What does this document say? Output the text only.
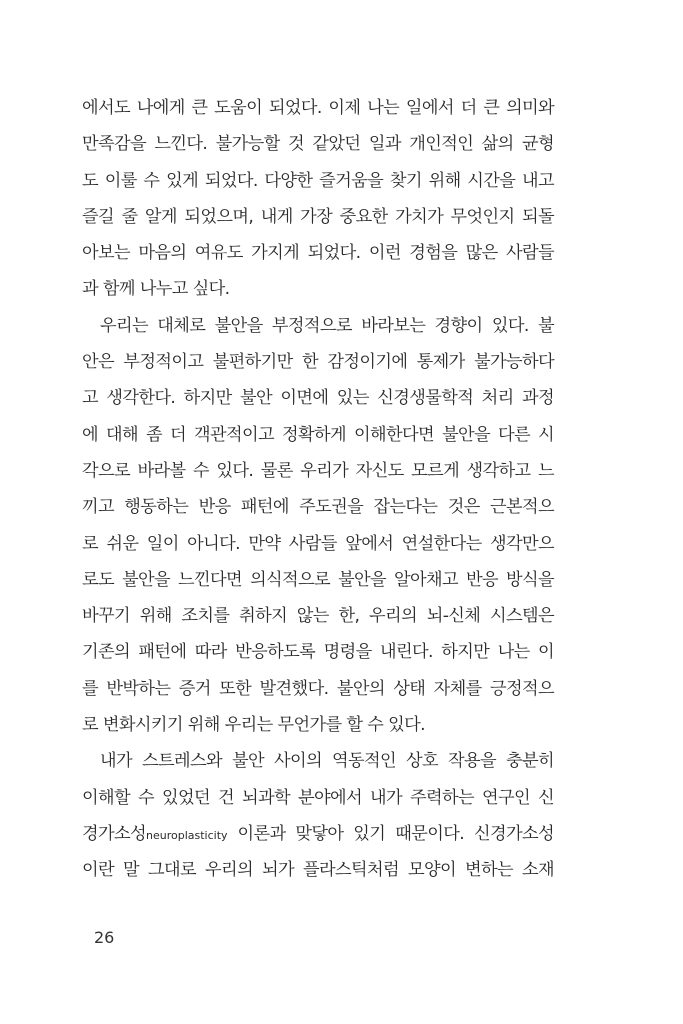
에서도 나에게 큰 도움이 되었다. 이제 나는 일에서 더 큰 의미와
만족감을 느낀다. 불가능할 것 같았던 일과 개인적인 삶의 균형
도 이룰 수 있게 되었다. 다양한 즐거움을 찾기 위해 시간을 내고
즐길 줄 알게 되었으며, 내게 가장 중요한 가치가 무엇인지 되돌
아보는 마음의 여유도 가지게 되었다. 이런 경험을 많은 사람들
과 함께 나누고 싶다.
우리는 대체로 불안을 부정적으로 바라보는 경향이 있다. 불
안은 부정적이고 불편하기만 한 감정이기에 통제가 불가능하다
고 생각한다. 하지만 불안 이면에 있는 신경생물학적 처리 과정
에 대해 좀 더 객관적이고 정확하게 이해한다면 불안을 다른 시
각으로 바라볼 수 있다. 물론 우리가 자신도 모르게 생각하고 느
끼고 행동하는 반응 패턴에 주도권을 잡는다는 것은 근본적으
로 쉬운 일이 아니다. 만약 사람들 앞에서 연설한다는 생각만으
로도 불안을 느낀다면 의식적으로 불안을 알아채고 반응 방식을
바꾸기 위해 조치를 취하지 않는 한, 우리의 뇌-신체 시스템은
기존의 패턴에 따라 반응하도록 명령을 내린다. 하지만 나는 이
를 반박하는 증거 또한 발견했다. 불안의 상태 자체를 긍정적으
로 변화시키기 위해 우리는 무언가를 할 수 있다.
내가 스트레스와 불안 사이의 역동적인 상호 작용을 충분히
이해할 수 있었던 건 뇌과학 분야에서 내가 주력하는 연구인 신
경가소성neuroplasticity 이론과 맞닿아 있기 때문이다. 신경가소성
이란 말 그대로 우리의 뇌가 플라스틱처럼 모양이 변하는 소재
26
